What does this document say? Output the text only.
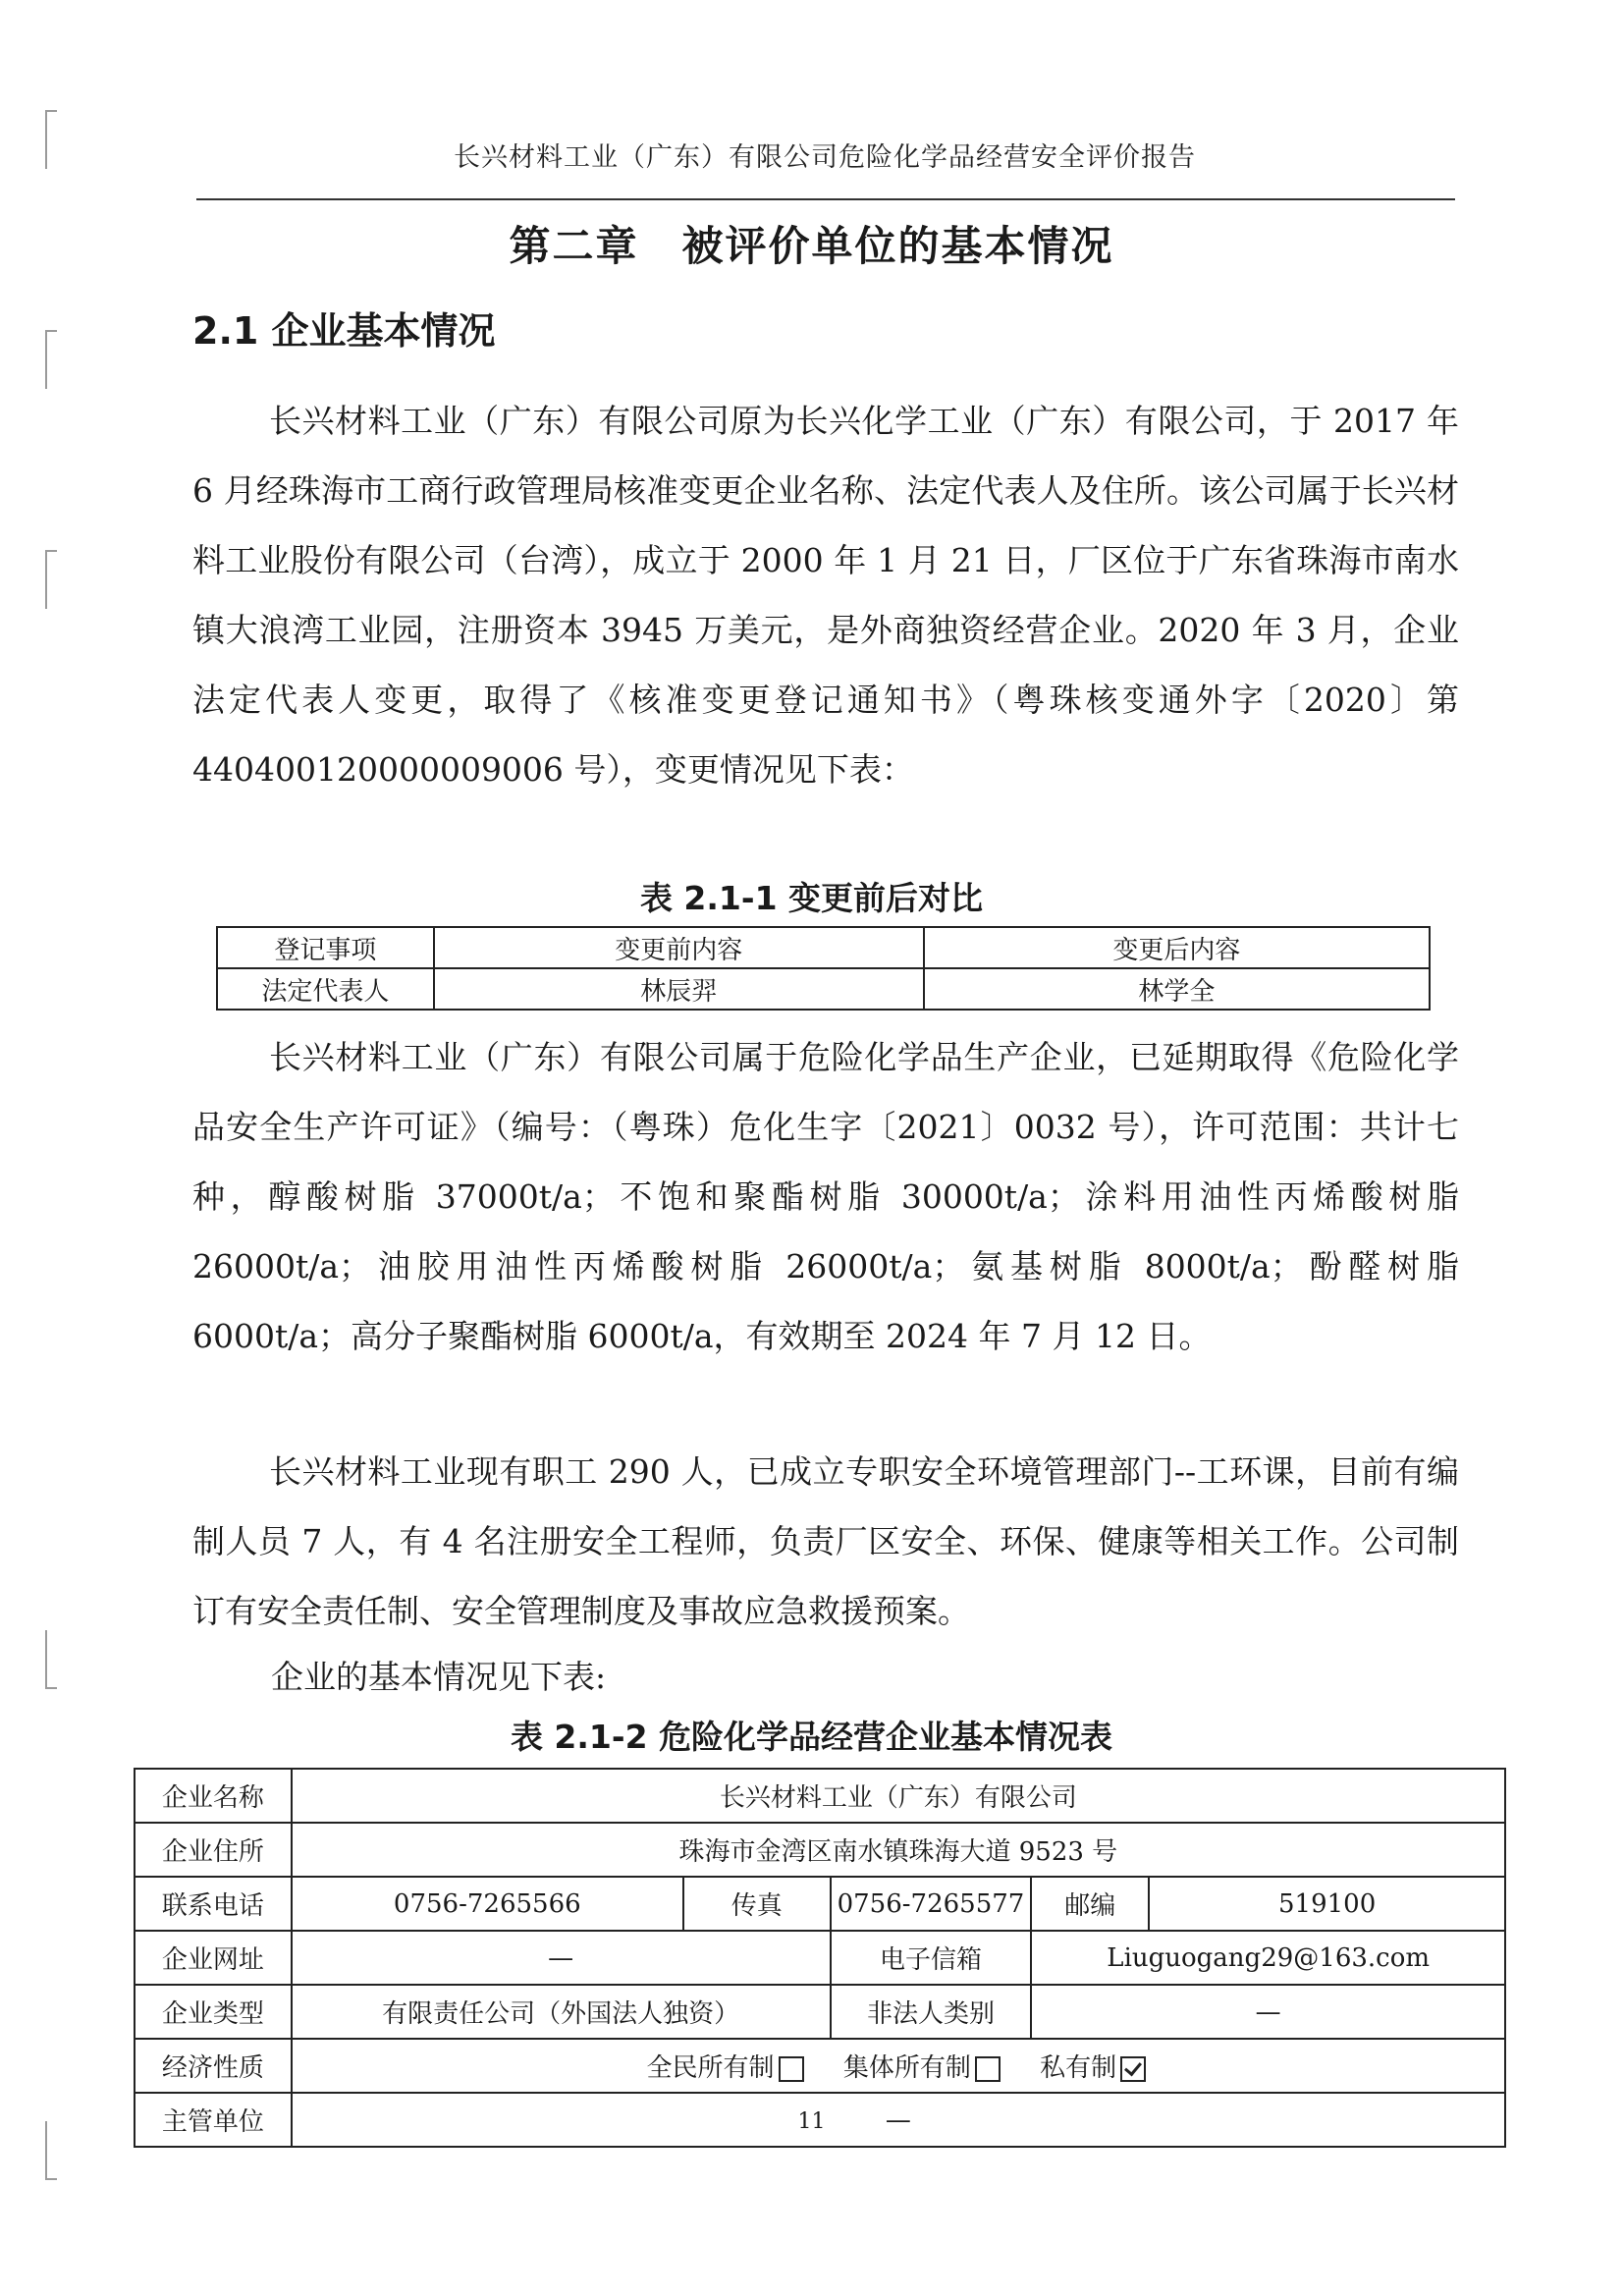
长兴材料工业（广东）有限公司危险化学品经营安全评价报告
第二章　被评价单位的基本情况
2.1 企业基本情况
长兴材料工业（广东）有限公司原为长兴化学工业（广东）有限公司，于 2017 年 6 月经珠海市工商行政管理局核准变更企业名称、法定代表人及住所。该公司属于长兴材料工业股份有限公司（台湾），成立于 2000 年 1 月 21 日，厂区位于广东省珠海市南水镇大浪湾工业园，注册资本 3945 万美元，是外商独资经营企业。2020 年 3 月，企业法定代表人变更，取得了《核准变更登记通知书》（粤珠核变通外字〔2020〕第 440400120000009006 号），变更情况见下表：
表 2.1-1 变更前后对比
登记事项	变更前内容	变更后内容
法定代表人	林辰羿	林学全
长兴材料工业（广东）有限公司属于危险化学品生产企业，已延期取得《危险化学品安全生产许可证》（编号：（粤珠）危化生字〔2021〕0032 号），许可范围：共计七种，醇酸树脂 37000t/a；不饱和聚酯树脂 30000t/a；涂料用油性丙烯酸树脂 26000t/a；油胶用油性丙烯酸树脂 26000t/a；氨基树脂 8000t/a；酚醛树脂 6000t/a；高分子聚酯树脂 6000t/a，有效期至 2024 年 7 月 12 日。
长兴材料工业现有职工 290 人，已成立专职安全环境管理部门--工环课，目前有编制人员 7 人，有 4 名注册安全工程师，负责厂区安全、环保、健康等相关工作。公司制订有安全责任制、安全管理制度及事故应急救援预案。
企业的基本情况见下表:
表 2.1-2 危险化学品经营企业基本情况表
企业名称	长兴材料工业（广东）有限公司				
企业住所	珠海市金湾区南水镇珠海大道 9523 号				
联系电话	0756-7265566	传真	0756-7265577	邮编	519100
企业网址	—		电子信箱	Liuguogang29@163.com	
企业类型	有限责任公司（外国法人独资）		非法人类别	—	
经济性质	全民所有制 集体所有制 私有制				
主管单位	—				
11
